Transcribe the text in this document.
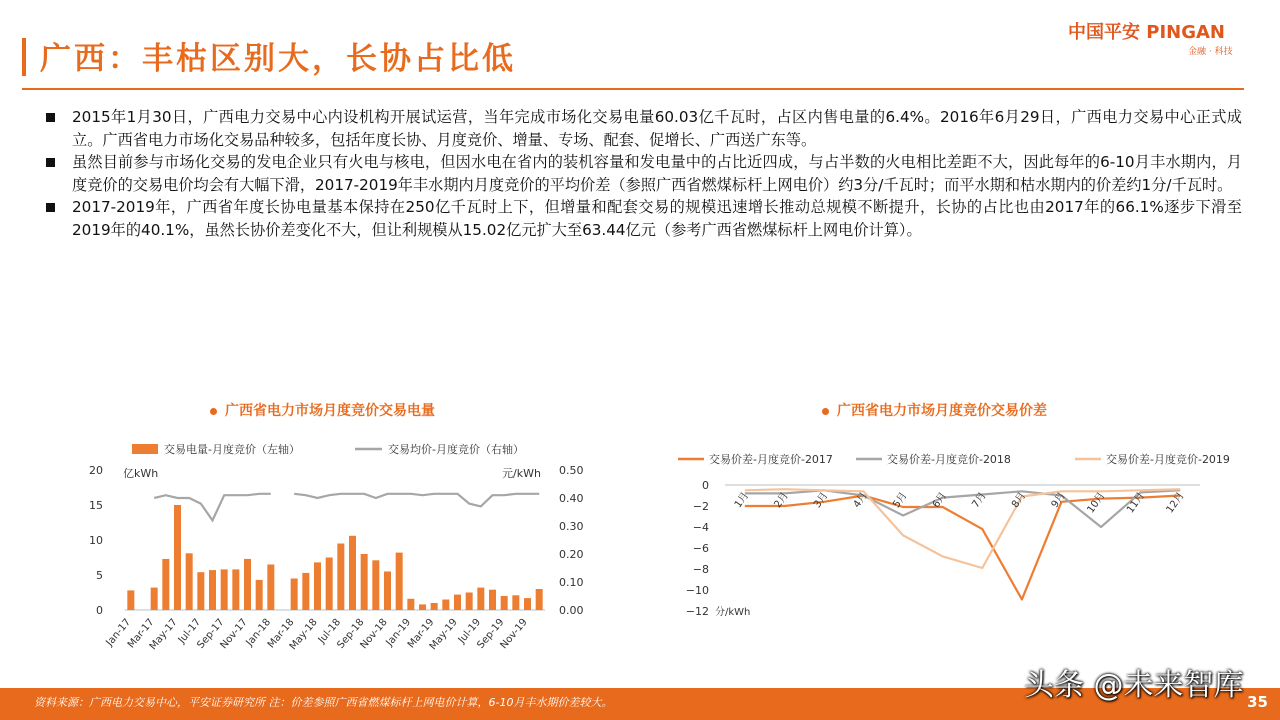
广西：丰枯区别大，长协占比低
中国平安 PINGAN
金融 · 科技
2015年1月30日，广西电力交易中心内设机构开展试运营，当年完成市场化交易电量60.03亿千瓦时，占区内售电量的6.4%。2016年6月29日，广西电力交易中心正式成立。广西省电力市场化交易品种较多，包括年度长协、月度竞价、增量、专场、配套、促增长、广西送广东等。
虽然目前参与市场化交易的发电企业只有火电与核电，但因水电在省内的装机容量和发电量中的占比近四成，与占半数的火电相比差距不大，因此每年的6-10月丰水期内，月度竞价的交易电价均会有大幅下滑，2017-2019年丰水期内月度竞价的平均价差（参照广西省燃煤标杆上网电价）约3分/千瓦时；而平水期和枯水期内的价差约1分/千瓦时。
2017-2019年，广西省年度长协电量基本保持在250亿千瓦时上下，但增量和配套交易的规模迅速增长推动总规模不断提升，长协的占比也由2017年的66.1%逐步下滑至2019年的40.1%，虽然长协价差变化不大，但让利规模从15.02亿元扩大至63.44亿元（参考广西省燃煤标杆上网电价计算）。
广西省电力市场月度竞价交易电量
交易电量-月度竞价（左轴）	交易均价-月度竞价（右轴）
亿kWh	元/kWh
0
5
10
15
20
0.00
0.10
0.20
0.30
0.40
0.50
Jan-17
Mar-17
May-17
Jul-17
Sep-17
Nov-17
Jan-18
Mar-18
May-18
Jul-18
Sep-18
Nov-18
Jan-19
Mar-19
May-19
Jul-19
Sep-19
Nov-19
广西省电力市场月度竞价交易价差
交易价差-月度竞价-2017	交易价差-月度竞价-2018	交易价差-月度竞价-2019
0
−2
−4
−6
−8
−10
−12 分/kWh
1月 2月 3月 4月 5月 6月 7月 8月 9月 10月 11月 12月
资料来源：广西电力交易中心，平安证券研究所 注：价差参照广西省燃煤标杆上网电价计算，6-10月丰水期价差较大。	35
头条 @未来智库
